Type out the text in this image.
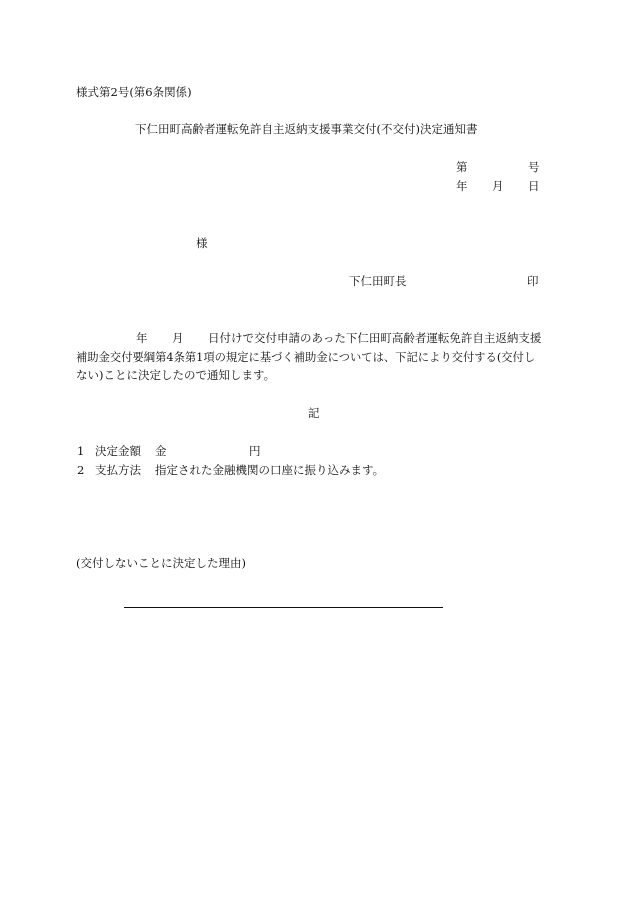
様式第2号(第6条関係)
下仁田町高齢者運転免許自主返納支援事業交付(不交付)決定通知書
第	号
年 月 日
様
下仁田町長	印
年 月 日付けで交付申請のあった下仁田町高齢者運転免許自主返納支援
補助金交付要綱第4条第1項の規定に基づく補助金については、下記により交付する(交付し
ない)ことに決定したので通知します。
記
1 決定金額 金	円
2 支払方法 指定された金融機関の口座に振り込みます。
(交付しないことに決定した理由)
